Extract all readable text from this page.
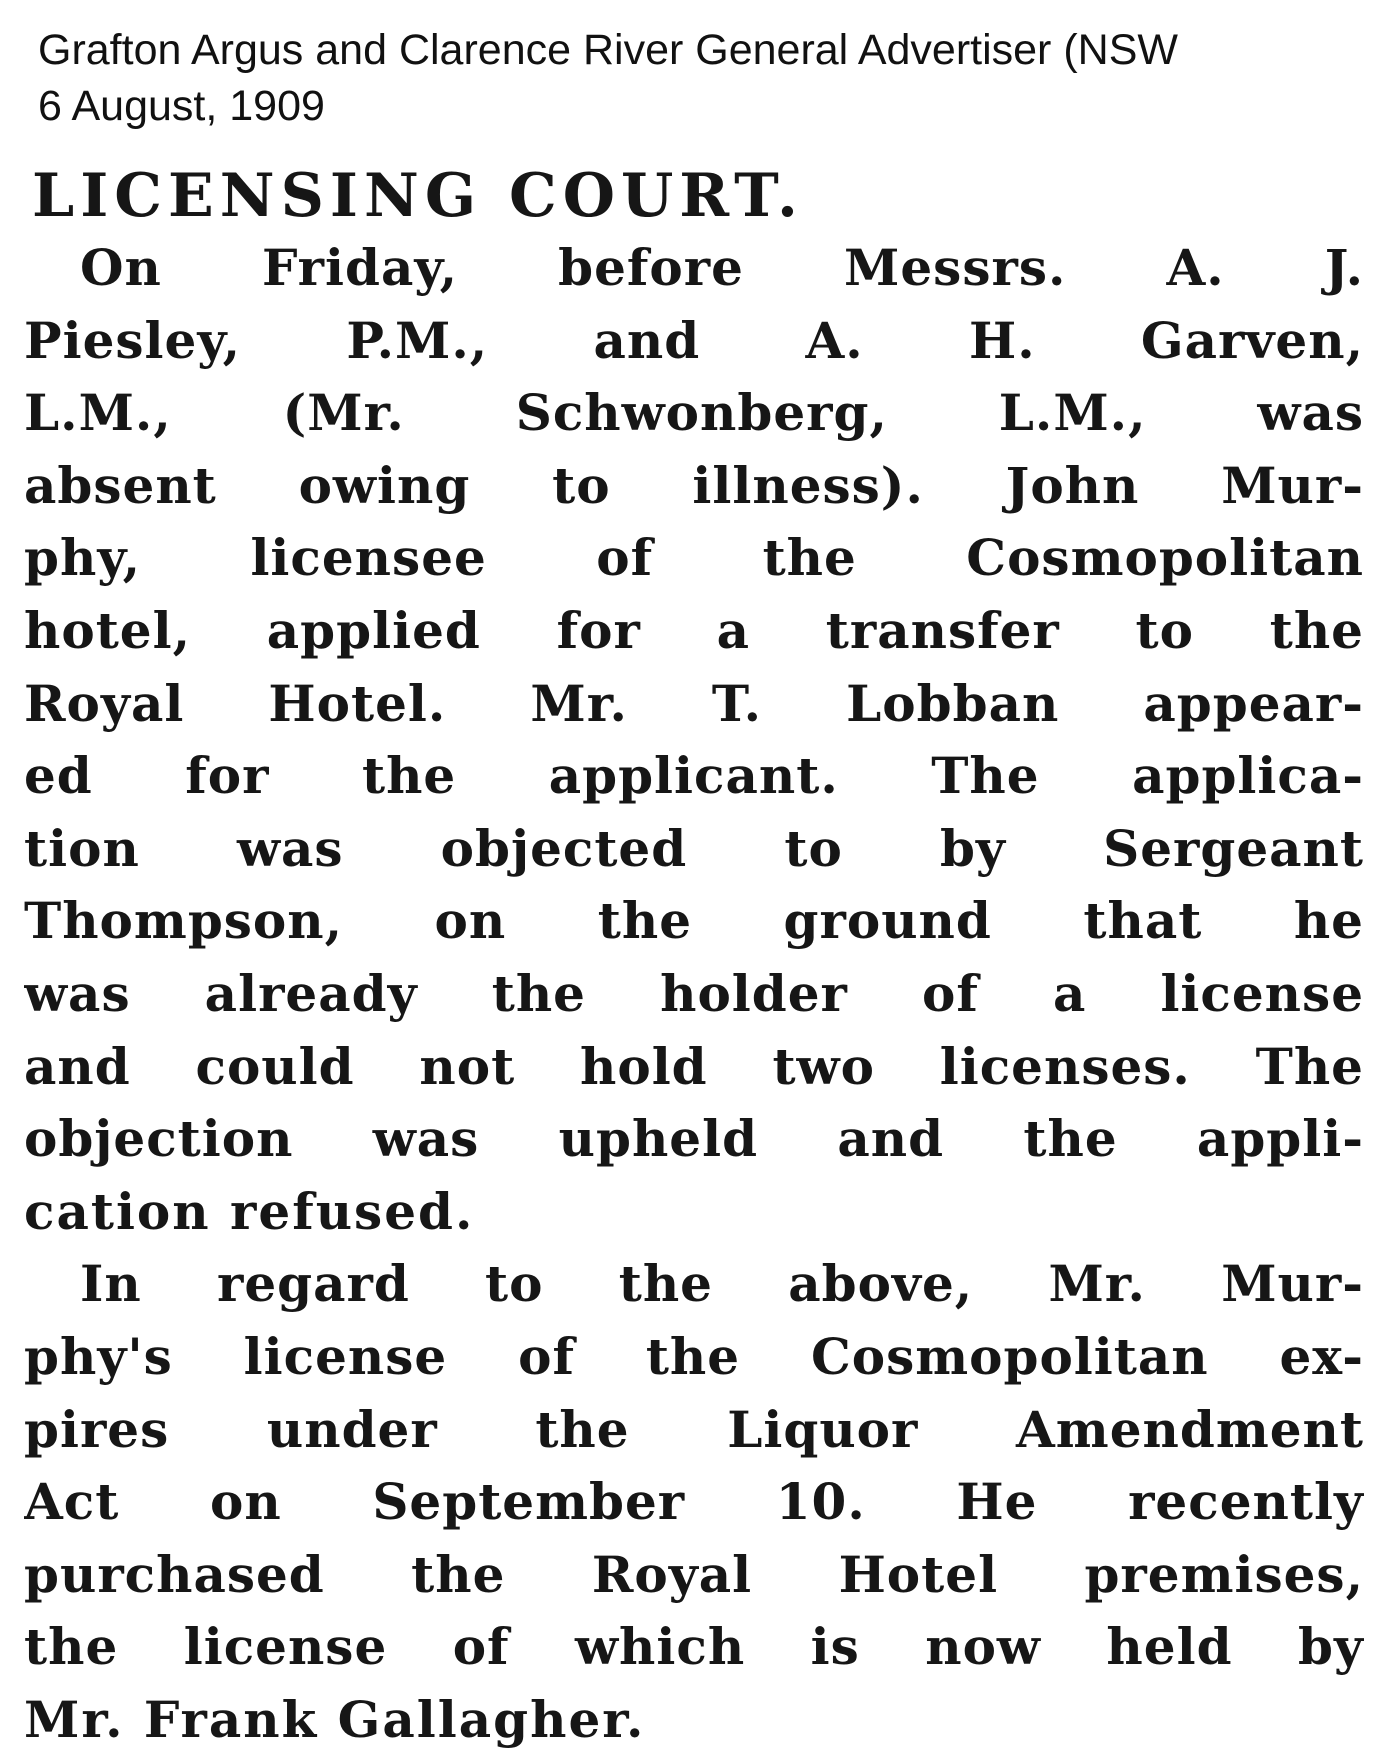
Grafton Argus and Clarence River General Advertiser (NSW
6 August, 1909
LICENSING COURT.
On Friday, before Messrs. A. J.
Piesley, P.M., and A. H. Garven,
L.M., (Mr. Schwonberg, L.M., was
absent owing to illness). John Mur-
phy, licensee of the Cosmopolitan
hotel, applied for a transfer to the
Royal Hotel. Mr. T. Lobban appear-
ed for the applicant. The applica-
tion was objected to by Sergeant
Thompson, on the ground that he
was already the holder of a license
and could not hold two licenses. The
objection was upheld and the appli-
cation refused.
In regard to the above, Mr. Mur-
phy's license of the Cosmopolitan ex-
pires under the Liquor Amendment
Act on September 10. He recently
purchased the Royal Hotel premises,
the license of which is now held by
Mr. Frank Gallagher.
